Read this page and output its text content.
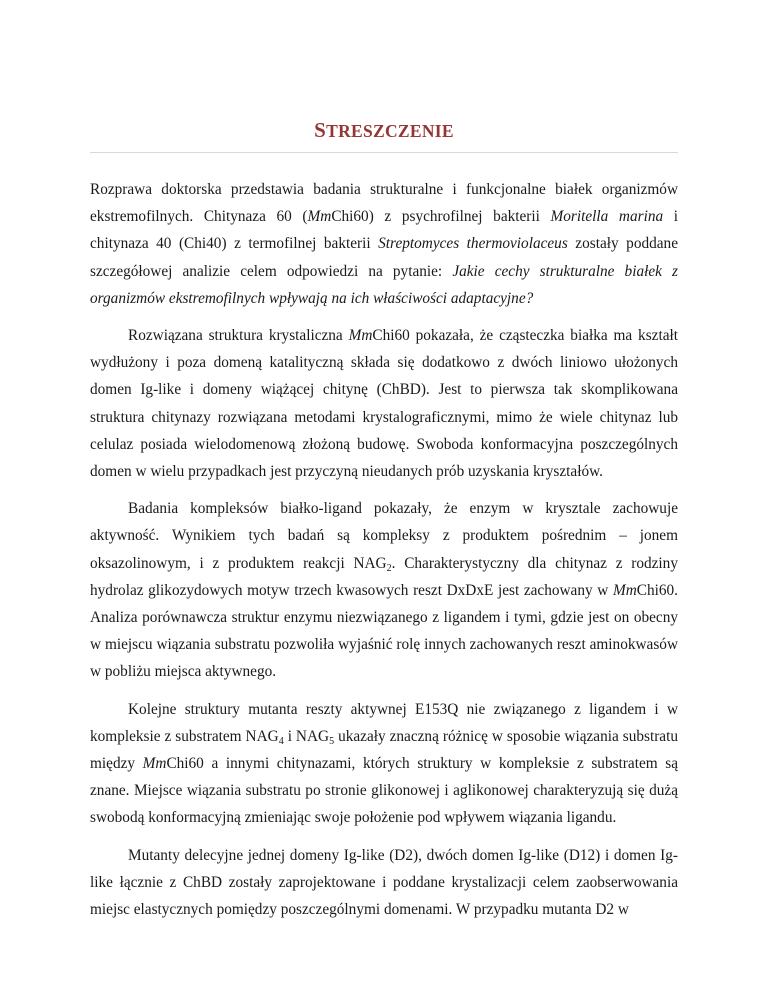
STRESZCZENIE

Rozprawa doktorska przedstawia badania strukturalne i funkcjonalne białek organizmów ekstremofilnych. Chitynaza 60 (MmChi60) z psychrofilnej bakterii Moritella marina i chitynaza 40 (Chi40) z termofilnej bakterii Streptomyces thermoviolaceus zostały poddane szczegółowej analizie celem odpowiedzi na pytanie: Jakie cechy strukturalne białek z organizmów ekstremofilnych wpływają na ich właściwości adaptacyjne?

Rozwiązana struktura krystaliczna MmChi60 pokazała, że cząsteczka białka ma kształt wydłużony i poza domeną katalityczną składa się dodatkowo z dwóch liniowo ułożonych domen Ig-like i domeny wiążącej chitynę (ChBD). Jest to pierwsza tak skomplikowana struktura chitynazy rozwiązana metodami krystalograficznymi, mimo że wiele chitynaz lub celulaz posiada wielodomenową złożoną budowę. Swoboda konformacyjna poszczególnych domen w wielu przypadkach jest przyczyną nieudanych prób uzyskania kryształów.

Badania kompleksów białko-ligand pokazały, że enzym w krysztale zachowuje aktywność. Wynikiem tych badań są kompleksy z produktem pośrednim – jonem oksazolinowym, i z produktem reakcji $NAG_2$. Charakterystyczny dla chitynaz z rodziny hydrolaz glikozydowych motyw trzech kwasowych reszt DxDxE jest zachowany w MmChi60. Analiza porównawcza struktur enzymu niezwiązanego z ligandem i tymi, gdzie jest on obecny w miejscu wiązania substratu pozwoliła wyjaśnić rolę innych zachowanych reszt aminokwasów w pobliżu miejsca aktywnego.

Kolejne struktury mutanta reszty aktywnej E153Q nie związanego z ligandem i w kompleksie z substratem $NAG_4$ i $NAG_5$ ukazały znaczną różnicę w sposobie wiązania substratu między MmChi60 a innymi chitynazami, których struktury w kompleksie z substratem są znane. Miejsce wiązania substratu po stronie glikonowej i aglikonowej charakteryzują się dużą swobodą konformacyjną zmieniając swoje położenie pod wpływem wiązania ligandu.

Mutanty delecyjne jednej domeny Ig-like (D2), dwóch domen Ig-like (D12) i domen Ig-like łącznie z ChBD zostały zaprojektowane i poddane krystalizacji celem zaobserwowania miejsc elastycznych pomiędzy poszczególnymi domenami. W przypadku mutanta D2 w
